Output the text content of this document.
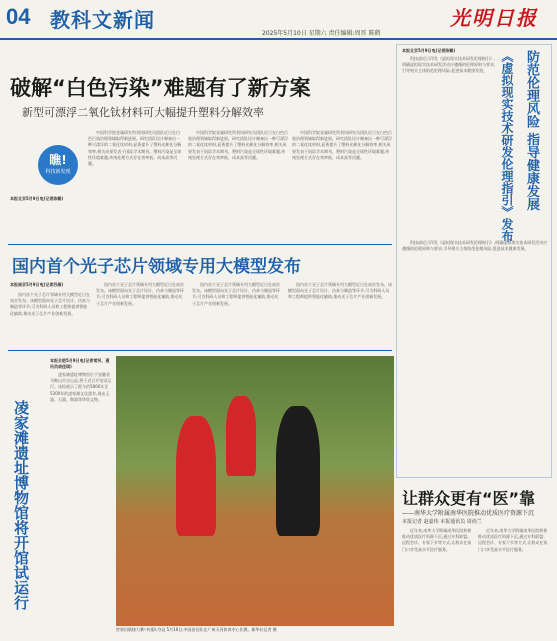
04 教科文新闻
2025年5月10日 星期六 责任编辑:周晋 陈鹤
光明日报
破解“白色污染”难题有了新方案
新型可漂浮二氧化钛材料可大幅提升塑料分解效率
瞧!
科技新发现
本报北京5月9日电(记者陈鹤)

中国科学院金属研究所刘岗研究员团队近日在白色污染治理领域取得新进展。研究团队设计制备出一种可漂浮的二氧化钛材料,显著提升了塑料光催化分解效率,相关成果发表于国际学术期刊。塑料污染是全球性环境难题,传统处理方式存在效率低、成本高等问题。

中国科学院金属研究所刘岗研究员团队近日在白色污染治理领域取得新进展。研究团队设计制备出一种可漂浮的二氧化钛材料,显著提升了塑料光催化分解效率,相关成果发表于国际学术期刊。塑料污染是全球性环境难题,传统处理方式存在效率低、成本高等问题。

中国科学院金属研究所刘岗研究员团队近日在白色污染治理领域取得新进展。研究团队设计制备出一种可漂浮的二氧化钛材料,显著提升了塑料光催化分解效率,相关成果发表于国际学术期刊。塑料污染是全球性环境难题,传统处理方式存在效率低、成本高等问题。

国内首个光子芯片领域专用大模型发布
本报南京5月9日电(记者苏雁)

国内首个光子芯片领域专用大模型近日在南京发布。该模型面向光子芯片设计、仿真与制造等环节,可为科研人员和工程师提供智能化辅助,推动光子芯片产业创新发展。

国内首个光子芯片领域专用大模型近日在南京发布。该模型面向光子芯片设计、仿真与制造等环节,可为科研人员和工程师提供智能化辅助,推动光子芯片产业创新发展。

国内首个光子芯片领域专用大模型近日在南京发布。该模型面向光子芯片设计、仿真与制造等环节,可为科研人员和工程师提供智能化辅助,推动光子芯片产业创新发展。

国内首个光子芯片领域专用大模型近日在南京发布。该模型面向光子芯片设计、仿真与制造等环节,可为科研人员和工程师提供智能化辅助,推动光子芯片产业创新发展。

本报合肥5月9日电(记者常河、通讯员胡佳琪)

凌家滩遗址博物馆位于安徽省马鞍山市含山县,将于近日开馆试运行。该馆展示了距今约5800年至5300年的凌家滩文化遗存,展出玉器、石器、陶器等珍贵文物。

凌家滩遗址博物馆将开馆试运行
世界田联接力赛:中国队夺冠 5月10日,中国田径队在广州天河体育中心比赛。新华社记者 摄
《虚拟现实技术研发伦理指引》发布 防范伦理风险 指导健康发展
本报北京5月9日电(记者陈鹤)

科技部近日印发《虚拟现实技术研发伦理指引》,明确虚拟现实技术研发活动应遵循的伦理原则与要求,引导相关主体防范伦理风险,促进技术健康发展。

科技部近日印发《虚拟现实技术研发伦理指引》,明确虚拟现实技术研发活动应遵循的伦理原则与要求,引导相关主体防范伦理风险,促进技术健康发展。

让群众更有“医”靠
——南华大学附属南华医院推动优质医疗资源下沉
本报记者 赵嘉伟 本报通讯员 周尚兰

近年来,南华大学附属南华医院积极推动优质医疗资源下沉,通过专科联盟、远程会诊、专家下乡等方式,让群众在家门口享受高水平医疗服务。

近年来,南华大学附属南华医院积极推动优质医疗资源下沉,通过专科联盟、远程会诊、专家下乡等方式,让群众在家门口享受高水平医疗服务。
